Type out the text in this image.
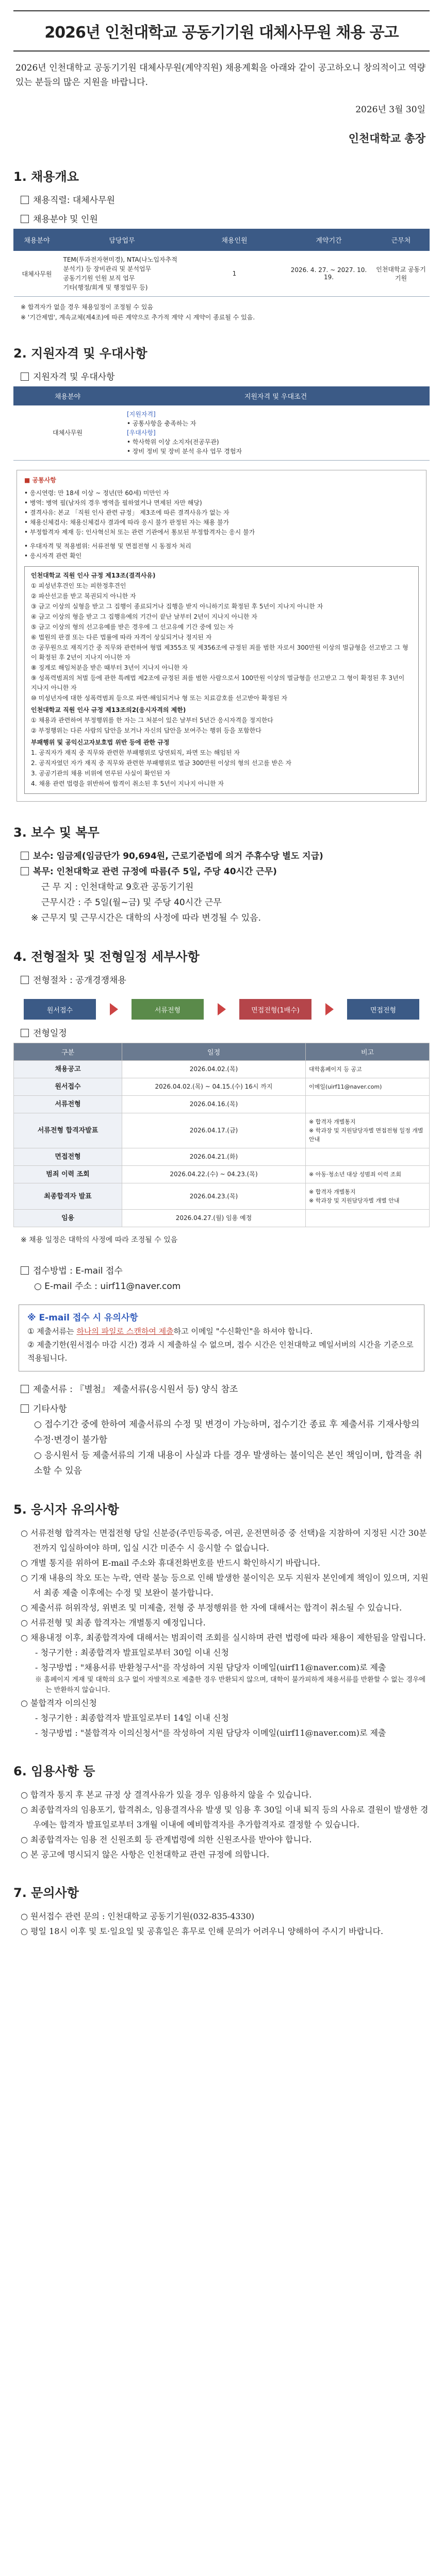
2026년 인천대학교 공동기기원 대체사무원 채용 공고
2026년 인천대학교 공동기기원 대체사무원(계약직원) 채용계획을 아래와 같이 공고하오니 창의적이고 역량 있는 분들의 많은 지원을 바랍니다.
2026년 3월 30일
인천대학교 총장
1. 채용개요
채용직렬: 대체사무원
채용분야 및 인원
채용분야	담당업무	채용인원	계약기간	근무처
대체사무원	TEM(투과전자현미경), NTA(나노입자추적분석기) 등 장비관리 및 분석업무
공동기기원 인원 보직 업무
기타(행정/회계 및 행정업무 등)	1	2026. 4. 27. ~ 2027. 10. 19.	인천대학교 공동기기원
※ 합격자가 없을 경우 채용일정이 조정될 수 있음
※ '기간제법', 계속교체(제4조)에 따른 계약으로 추가적 계약 시 계약이 종료될 수 있음.
2. 지원자격 및 우대사항
지원자격 및 우대사항
채용분야	지원자격 및 우대조건
대체사무원	[지원자격]
• 공통사항을 충족하는 자
[우대사항]
• 학사학위 이상 소지자(전공무관)
• 장비 정비 및 장비 분석 유사 업무 경험자
■ 공통사항
• 응시연령: 만 18세 이상 ~ 정년(만 60세) 미만인 자
• 병역: 병역 필(남자의 경우 병역을 필하였거나 면제된 자만 해당)
• 결격사유: 본교 「직원 인사 관련 규정」 제3조에 따른 결격사유가 없는 자
• 채용신체검사: 채용신체검사 결과에 따라 응시 불가 판정된 자는 채용 불가
• 부정합격자 제재 등: 인사혁신처 또는 관련 기관에서 통보된 부정합격자는 응시 불가
• 우대자격 및 적용범위: 서류전형 및 면접전형 시 동점자 처리
• 응시자격 관련 확인
인천대학교 직원 인사 규정 제13조(결격사유)
① 피성년후견인 또는 피한정후견인
② 파산선고를 받고 복권되지 아니한 자
③ 금고 이상의 실형을 받고 그 집행이 종료되거나 집행을 받지 아니하기로 확정된 후 5년이 지나지 아니한 자
④ 금고 이상의 형을 받고 그 집행유예의 기간이 끝난 날부터 2년이 지나지 아니한 자
⑤ 금고 이상의 형의 선고유예를 받은 경우에 그 선고유예 기간 중에 있는 자
⑥ 법원의 판결 또는 다른 법률에 따라 자격이 상실되거나 정지된 자
⑦ 공무원으로 재직기간 중 직무와 관련하여 형법 제355조 및 제356조에 규정된 죄를 범한 자로서 300만원 이상의 벌금형을 선고받고 그 형이 확정된 후 2년이 지나지 아니한 자
⑧ 징계로 해임처분을 받은 때부터 3년이 지나지 아니한 자
⑨ 성폭력범죄의 처벌 등에 관한 특례법 제2조에 규정된 죄를 범한 사람으로서 100만원 이상의 벌금형을 선고받고 그 형이 확정된 후 3년이 지나지 아니한 자
⑩ 미성년자에 대한 성폭력범죄 등으로 파면·해임되거나 형 또는 치료감호를 선고받아 확정된 자
인천대학교 직원 인사 규정 제13조의2(응시자격의 제한)
① 채용과 관련하여 부정행위를 한 자는 그 처분이 있은 날부터 5년간 응시자격을 정지한다
② 부정행위는 다른 사람의 답안을 보거나 자신의 답안을 보여주는 행위 등을 포함한다
부패행위 및 공익신고자보호법 위반 등에 관한 규정
1. 공직자가 재직 중 직무와 관련한 부패행위로 당연퇴직, 파면 또는 해임된 자
2. 공직자였던 자가 재직 중 직무와 관련한 부패행위로 벌금 300만원 이상의 형의 선고를 받은 자
3. 공공기관의 채용 비위에 연루된 사실이 확인된 자
4. 채용 관련 법령을 위반하여 합격이 취소된 후 5년이 지나지 아니한 자
3. 보수 및 복무
보수: 임금제(임금단가 90,694원, 근로기준법에 의거 주휴수당 별도 지급)
복무: 인천대학교 관련 규정에 따름(주 5일, 주당 40시간 근무)
근 무 지 : 인천대학교 9호관 공동기기원
근무시간 : 주 5일(월~금) 및 주당 40시간 근무
※ 근무지 및 근무시간은 대학의 사정에 따라 변경될 수 있음.
4. 전형절차 및 전형일정 세부사항
전형절차 : 공개경쟁채용
원서접수	서류전형	면접전형(1배수)	면접전형
전형일정
구분	일정	비고
채용공고	2026.04.02.(목)	대학홈페이지 등 공고
원서접수	2026.04.02.(목) ~ 04.15.(수) 16시 까지	이메일(uirf11@naver.com)
서류전형	2026.04.16.(목)	
서류전형 합격자발표	2026.04.17.(금)	※ 합격자 개별통지
※ 학과장 및 지원담당자별 면접전형 일정 개별 안내
면접전형	2026.04.21.(화)	
범죄 이력 조회	2026.04.22.(수) ~ 04.23.(목)	※ 아동·청소년 대상 성범죄 이력 조회
최종합격자 발표	2026.04.23.(목)	※ 합격자 개별통지
※ 학과장 및 지원담당자별 개별 안내
임용	2026.04.27.(월) 임용 예정	
※ 채용 일정은 대학의 사정에 따라 조정될 수 있음
접수방법 : E-mail 접수
○ E-mail 주소 : uirf11@naver.com
※ E-mail 접수 시 유의사항
① 제출서류는 하나의 파일로 스캔하여 제출하고 이메일 "수신확인"을 하셔야 합니다.
② 제출기한(원서접수 마감 시간) 경과 시 제출하실 수 없으며, 접수 시간은 인천대학교 메일서버의 시간을 기준으로 적용됩니다.
제출서류 : 『별첨』 제출서류(응시원서 등) 양식 참조
기타사항
○ 접수기간 중에 한하여 제출서류의 수정 및 변경이 가능하며, 접수기간 종료 후 제출서류 기재사항의 수정·변경이 불가함
○ 응시원서 등 제출서류의 기재 내용이 사실과 다를 경우 발생하는 불이익은 본인 책임이며, 합격을 취소할 수 있음
5. 응시자 유의사항
○ 서류전형 합격자는 면접전형 당일 신분증(주민등록증, 여권, 운전면허증 중 선택)을 지참하여 지정된 시간 30분 전까지 입실하여야 하며, 입실 시간 미준수 시 응시할 수 없습니다.
○ 개별 통지를 위하여 E-mail 주소와 휴대전화번호를 반드시 확인하시기 바랍니다.
○ 기재 내용의 착오 또는 누락, 연락 불능 등으로 인해 발생한 불이익은 모두 지원자 본인에게 책임이 있으며, 지원서 최종 제출 이후에는 수정 및 보완이 불가합니다.
○ 제출서류 허위작성, 위변조 및 미제출, 전형 중 부정행위를 한 자에 대해서는 합격이 취소될 수 있습니다.
○ 서류전형 및 최종 합격자는 개별통지 예정입니다.
○ 채용내정 이후, 최종합격자에 대해서는 범죄이력 조회를 실시하며 관련 법령에 따라 채용이 제한됨을 알립니다.
- 청구기한 : 최종합격자 발표일로부터 30일 이내 신청
- 청구방법 : "채용서류 반환청구서"를 작성하여 지원 담당자 이메일(uirf11@naver.com)로 제출
※ 홈페이지 게재 및 대학의 요구 없이 자발적으로 제출한 경우 반환되지 않으며, 대학이 불가피하게 채용서류를 반환할 수 없는 경우에는 반환하지 않습니다.
○ 불합격자 이의신청
- 청구기한 : 최종합격자 발표일로부터 14일 이내 신청
- 청구방법 : "불합격자 이의신청서"를 작성하여 지원 담당자 이메일(uirf11@naver.com)로 제출
6. 임용사항 등
○ 합격자 통지 후 본교 규정 상 결격사유가 있을 경우 임용하지 않을 수 있습니다.
○ 최종합격자의 임용포기, 합격취소, 임용결격사유 발생 및 임용 후 30일 이내 퇴직 등의 사유로 결원이 발생한 경우에는 합격자 발표일로부터 3개월 이내에 예비합격자를 추가합격자로 결정할 수 있습니다.
○ 최종합격자는 임용 전 신원조회 등 관계법령에 의한 신원조사를 받아야 합니다.
○ 본 공고에 명시되지 않은 사항은 인천대학교 관련 규정에 의합니다.
7. 문의사항
○ 원서접수 관련 문의 : 인천대학교 공동기기원(032-835-4330)
○ 평일 18시 이후 및 토·일요일 및 공휴일은 휴무로 인해 문의가 어려우니 양해하여 주시기 바랍니다.
